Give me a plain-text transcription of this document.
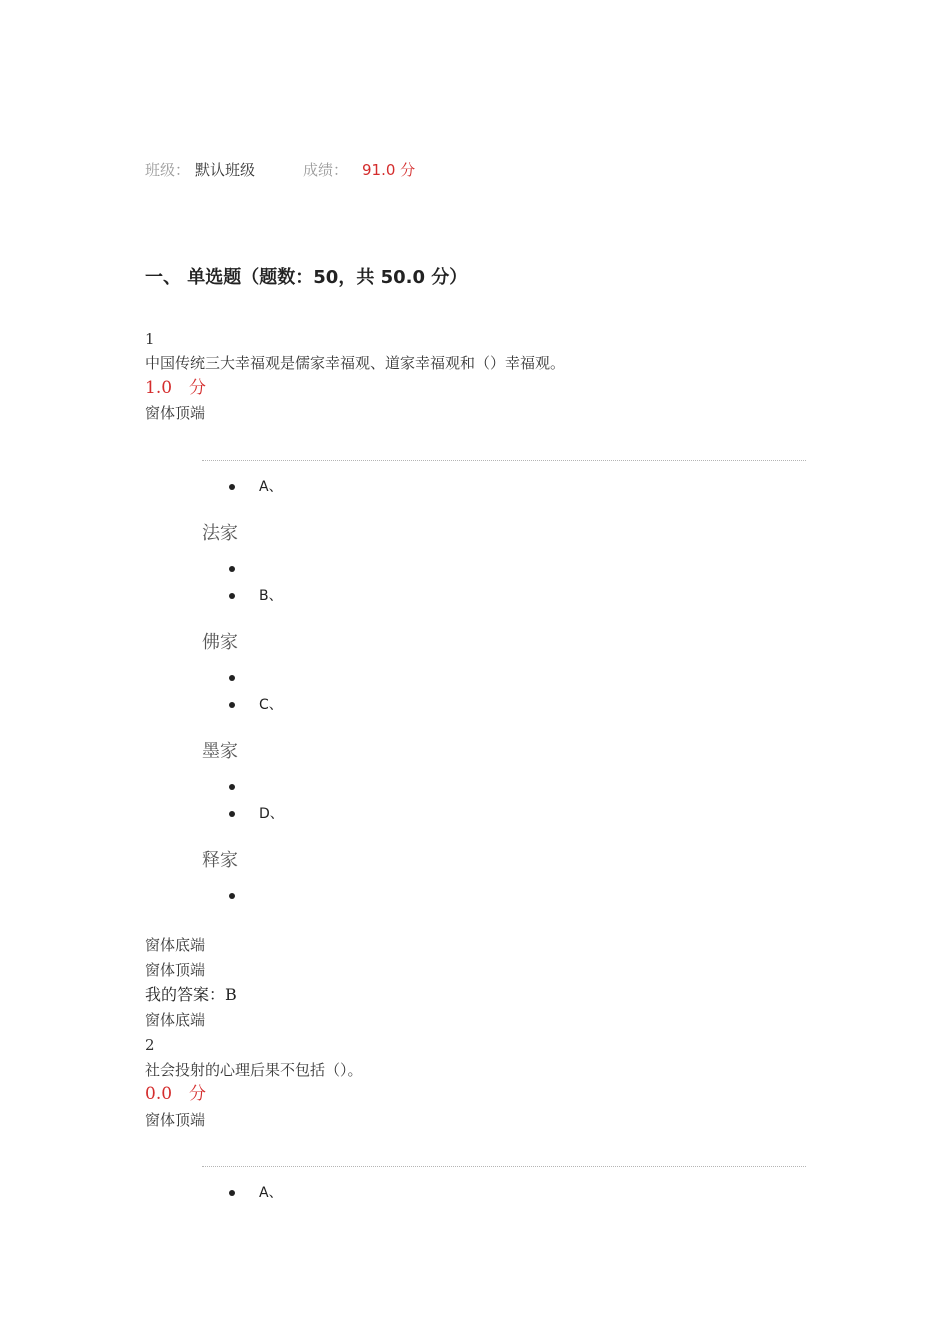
班级： 默认班级	成绩： 91.0 分
一、 单选题（题数：50，共 50.0 分）
1
中国传统三大幸福观是儒家幸福观、道家幸福观和（）幸福观。
1.0　分
窗体顶端
A、
法家
B、
佛家
C、
墨家
D、
释家
窗体底端
窗体顶端
我的答案：B
窗体底端
2
社会投射的心理后果不包括（）。
0.0　分
窗体顶端
A、
